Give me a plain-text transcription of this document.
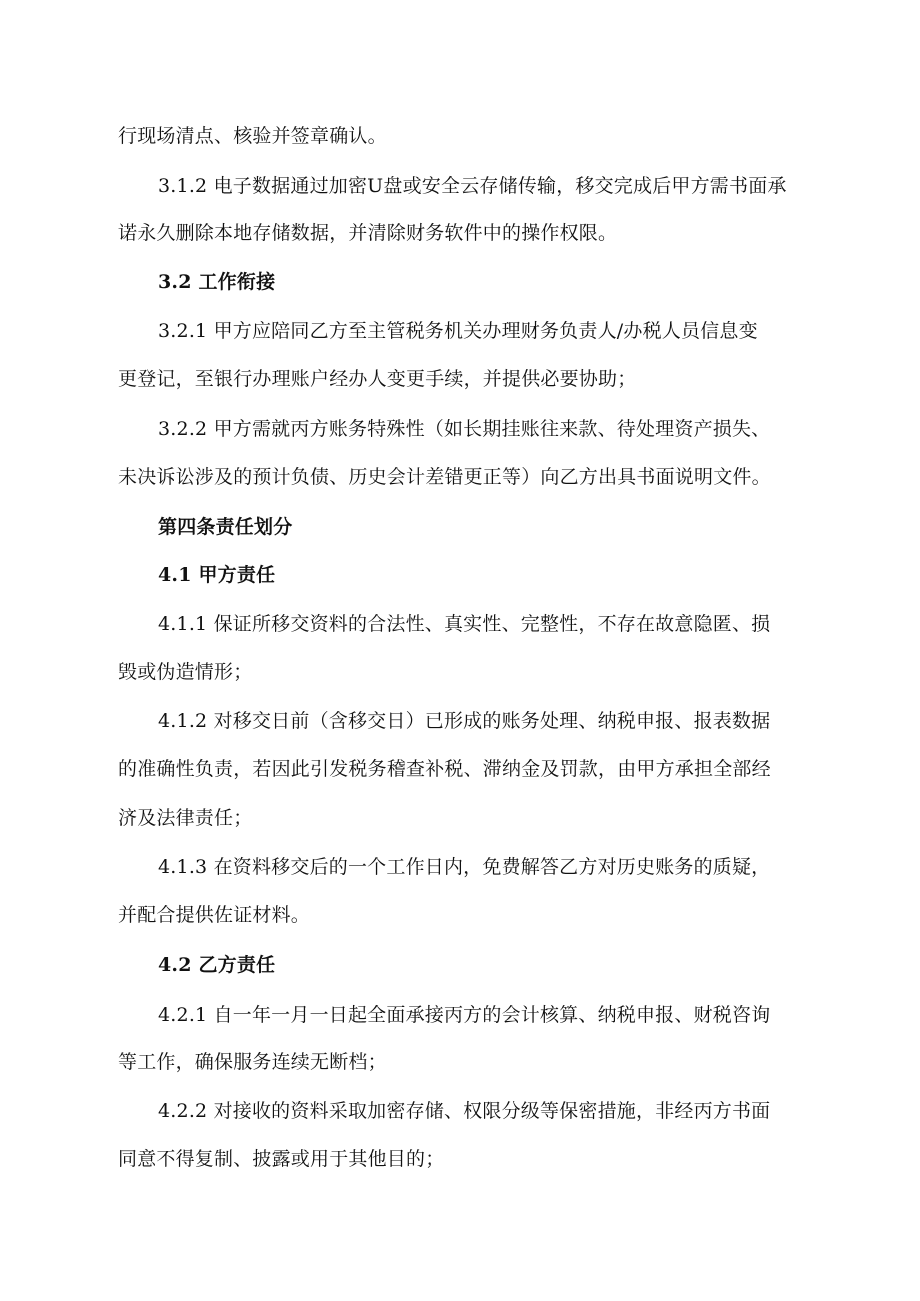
行现场清点、核验并签章确认。
3.1.2 电子数据通过加密U盘或安全云存储传输，移交完成后甲方需书面承
诺永久删除本地存储数据，并清除财务软件中的操作权限。
3.2 工作衔接
3.2.1 甲方应陪同乙方至主管税务机关办理财务负责人/办税人员信息变
更登记，至银行办理账户经办人变更手续，并提供必要协助；
3.2.2 甲方需就丙方账务特殊性（如长期挂账往来款、待处理资产损失、
未决诉讼涉及的预计负债、历史会计差错更正等）向乙方出具书面说明文件。
第四条责任划分
4.1 甲方责任
4.1.1 保证所移交资料的合法性、真实性、完整性，不存在故意隐匿、损
毁或伪造情形；
4.1.2 对移交日前（含移交日）已形成的账务处理、纳税申报、报表数据
的准确性负责，若因此引发税务稽查补税、滞纳金及罚款，由甲方承担全部经
济及法律责任；
4.1.3 在资料移交后的一个工作日内，免费解答乙方对历史账务的质疑，
并配合提供佐证材料。
4.2 乙方责任
4.2.1 自一年一月一日起全面承接丙方的会计核算、纳税申报、财税咨询
等工作，确保服务连续无断档；
4.2.2 对接收的资料采取加密存储、权限分级等保密措施，非经丙方书面
同意不得复制、披露或用于其他目的；
